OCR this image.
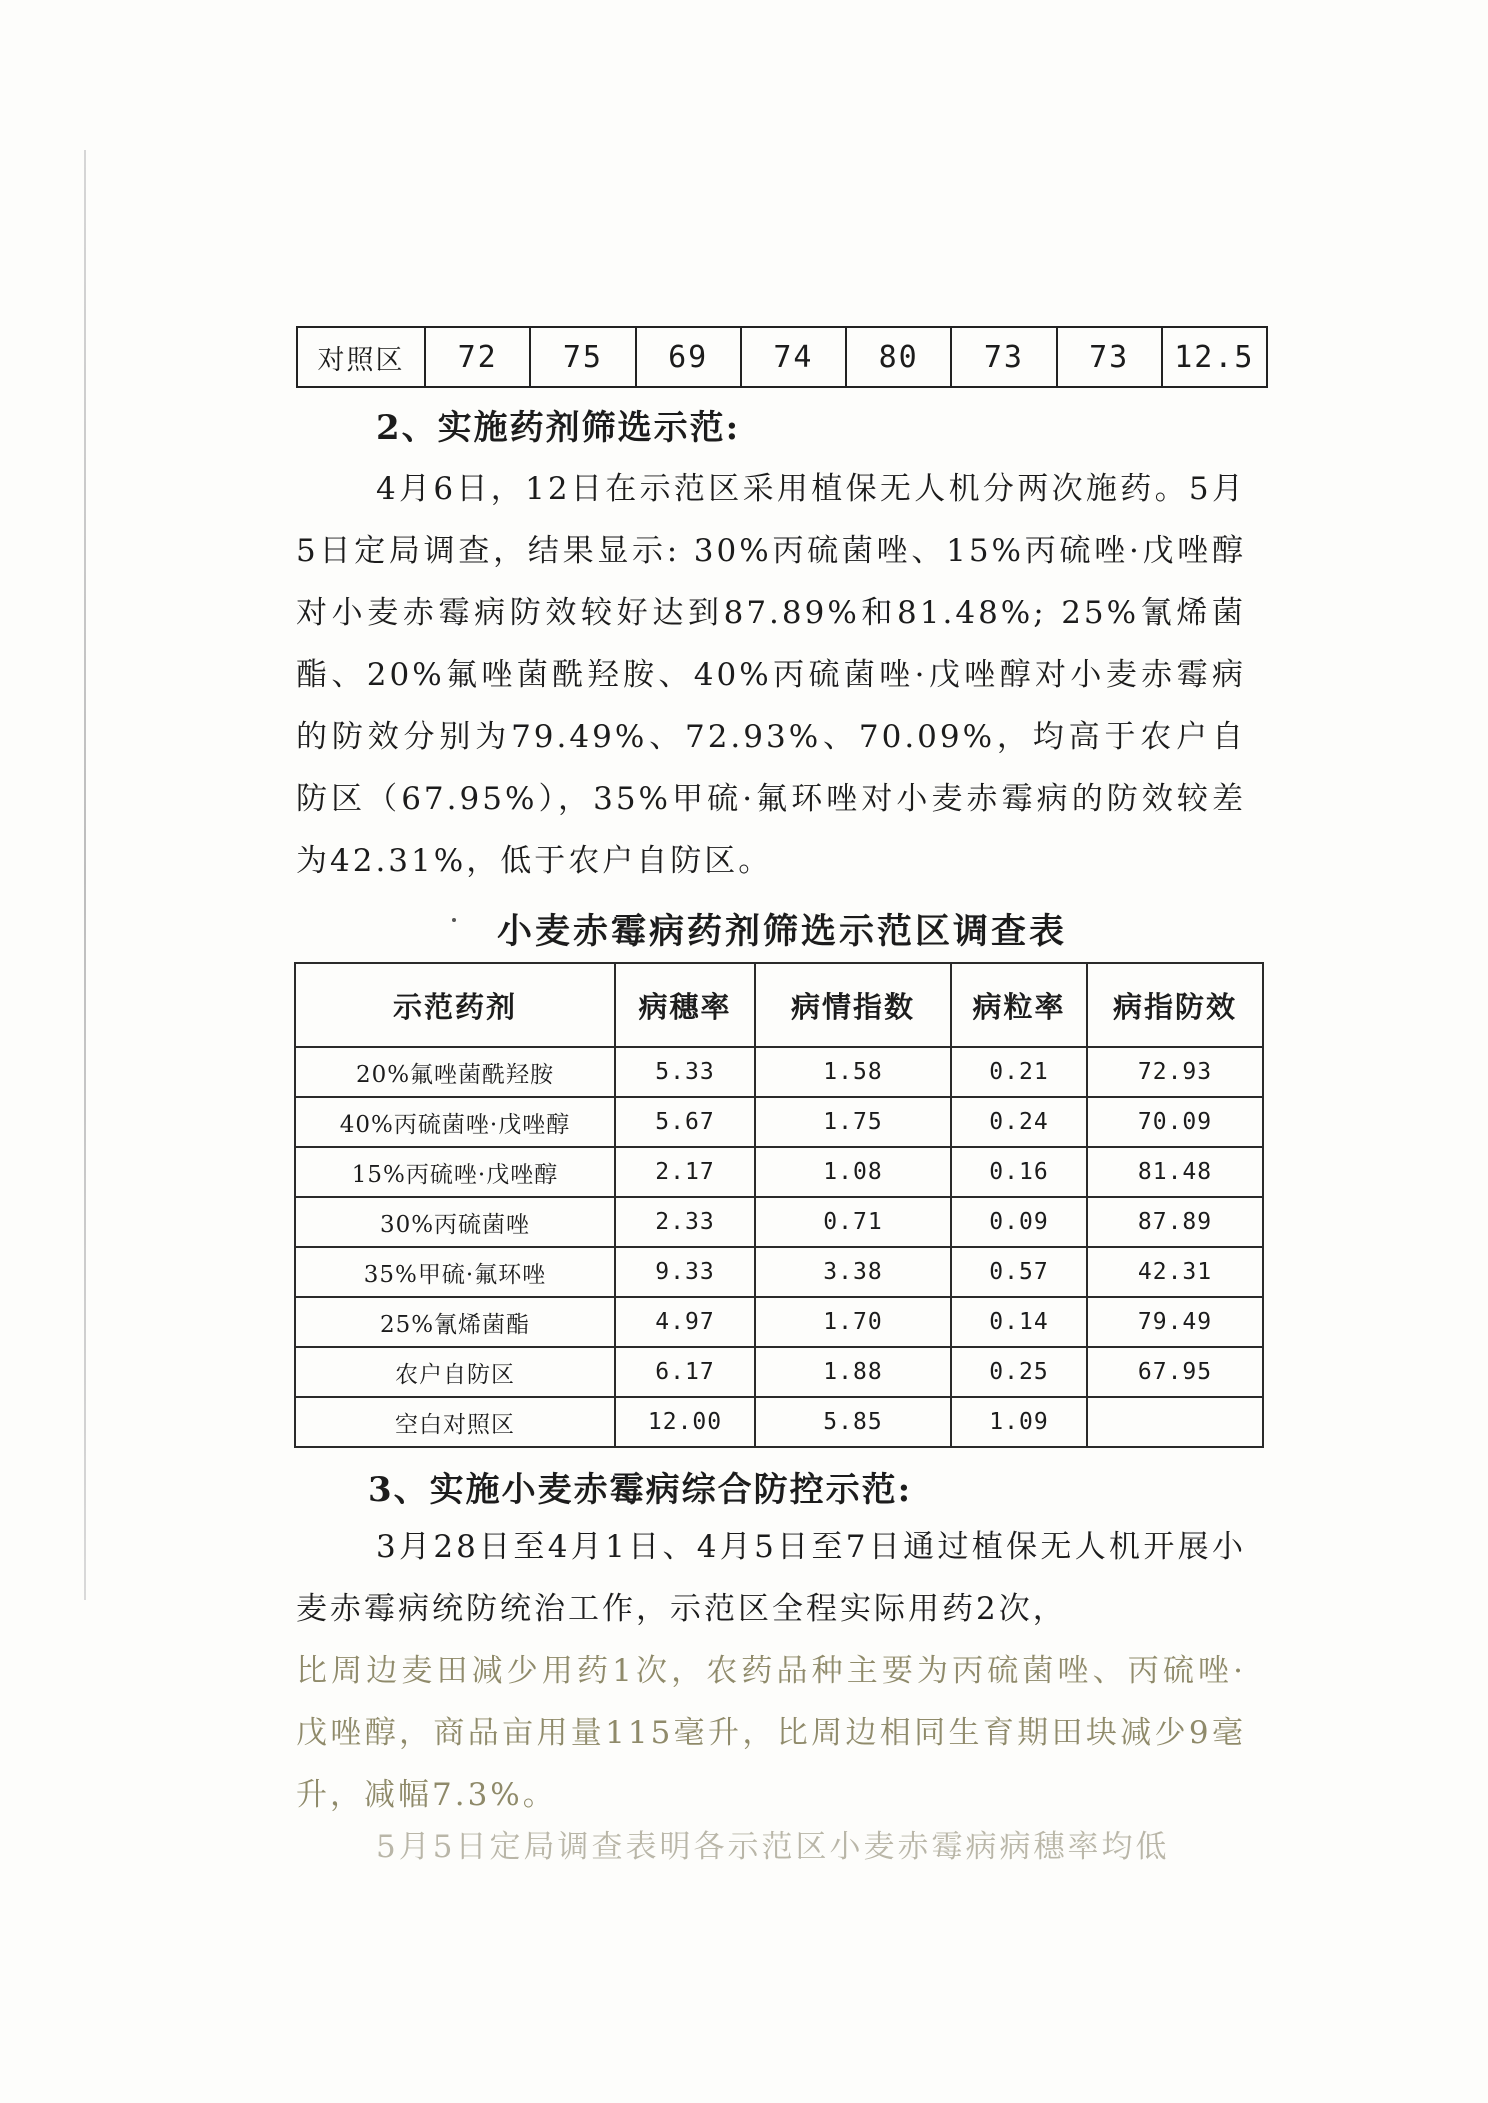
对照区	72	75	69	74	80	73	73	12.5
2、实施药剂筛选示范:

4月6日，12日在示范区采用植保无人机分两次施药。5月5日定局调查，结果显示: 30%丙硫菌唑、15%丙硫唑·戊唑醇对小麦赤霉病防效较好达到87.89%和81.48%; 25%氰烯菌酯、20%氟唑菌酰羟胺、40%丙硫菌唑·戊唑醇对小麦赤霉病的防效分别为79.49%、72.93%、70.09%，均高于农户自防区（67.95%），35%甲硫·氟环唑对小麦赤霉病的防效较差为42.31%，低于农户自防区。

小麦赤霉病药剂筛选示范区调查表
示范药剂	病穗率	病情指数	病粒率	病指防效
20%氟唑菌酰羟胺	5.33	1.58	0.21	72.93
40%丙硫菌唑·戊唑醇	5.67	1.75	0.24	70.09
15%丙硫唑·戊唑醇	2.17	1.08	0.16	81.48
30%丙硫菌唑	2.33	0.71	0.09	87.89
35%甲硫·氟环唑	9.33	3.38	0.57	42.31
25%氰烯菌酯	4.97	1.70	0.14	79.49
农户自防区	6.17	1.88	0.25	67.95
空白对照区	12.00	5.85	1.09	
3、实施小麦赤霉病综合防控示范:

3月28日至4月1日、4月5日至7日通过植保无人机开展小麦赤霉病统防统治工作，示范区全程实际用药2次，

比周边麦田减少用药1次，农药品种主要为丙硫菌唑、丙硫唑·戊唑醇，商品亩用量115毫升，比周边相同生育期田块减少9毫升，减幅7.3%。

5月5日定局调查表明各示范区小麦赤霉病病穗率均低
